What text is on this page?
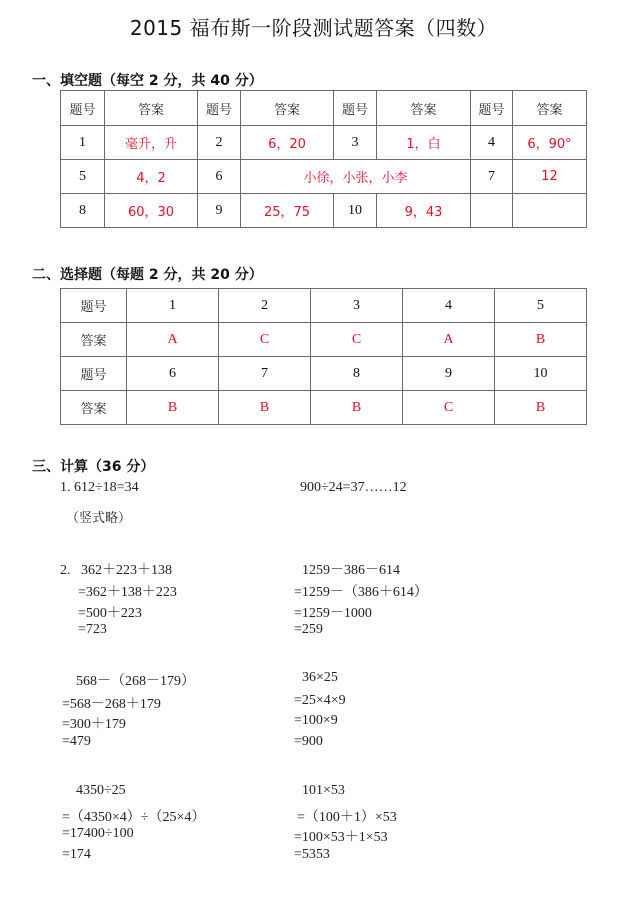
2015 福布斯一阶段测试题答案（四数）
一、填空题（每空 2 分，共 40 分）
题号	答案	题号	答案	题号	答案	题号	答案
1	毫升，升	2	6，20	3	1，白	4	6，90°
5	4，2	6	小徐，小张，小李			7	12
8	60，30	9	25，75	10	9，43		
二、选择题（每题 2 分，共 20 分）
题号	1	2	3	4	5
答案	A	C	C	A	B
题号	6	7	8	9	10
答案	B	B	B	C	B
三、计算（36 分）
1. 612÷18=34	900÷24=37……12
（竖式略）
2.   362＋223＋138
=362＋138＋223
=500＋223
=723
1259－386－614
=1259－（386＋614）
=1259－1000
=259
568－（268－179）
=568－268＋179
=300＋179
=479
36×25
=25×4×9
=100×9
=900
4350÷25
=（4350×4）÷（25×4）
=17400÷100
=174
101×53
=（100＋1）×53
=100×53＋1×53
=5353
